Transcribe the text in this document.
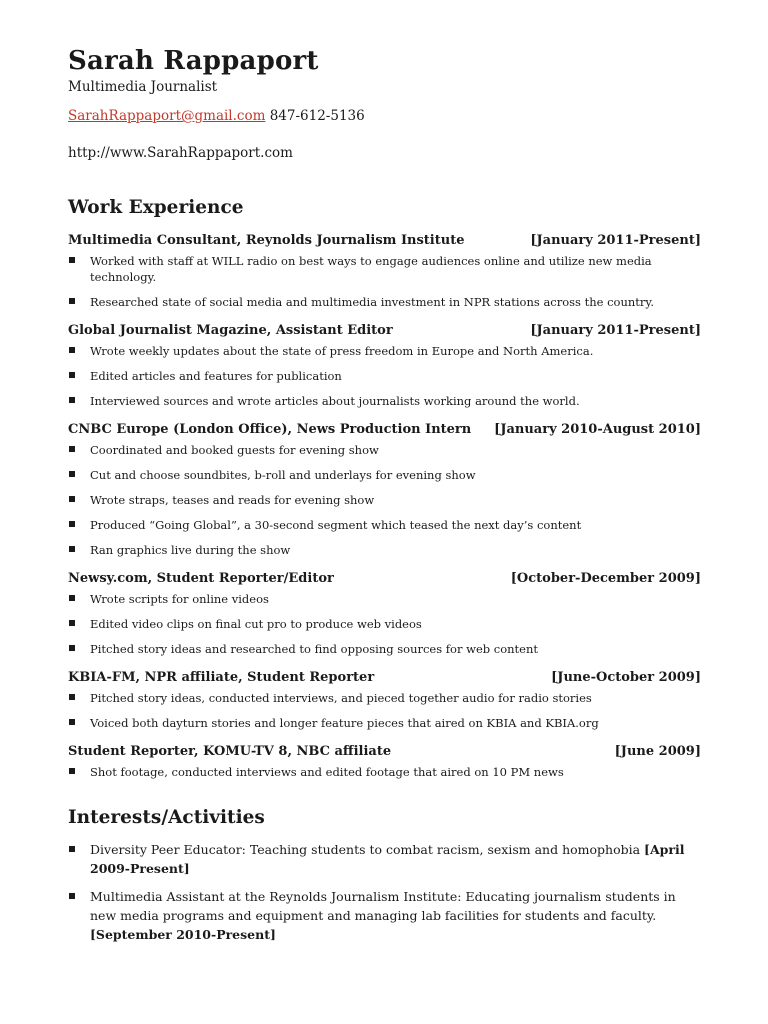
Sarah Rappaport
Multimedia Journalist
SarahRappaport@gmail.com 847-612-5136
http://www.SarahRappaport.com
Work Experience
Multimedia Consultant, Reynolds Journalism Institute	[January 2011-Present]
Worked with staff at WILL radio on best ways to engage audiences online and utilize new media technology.
Researched state of social media and multimedia investment in NPR stations across the country.
Global Journalist Magazine, Assistant Editor	[January 2011-Present]
Wrote weekly updates about the state of press freedom in Europe and North America.
Edited articles and features for publication
Interviewed sources and wrote articles about journalists working around the world.
CNBC Europe (London Office), News Production Intern [January 2010-August 2010]
Coordinated and booked guests for evening show
Cut and choose soundbites, b-roll and underlays for evening show
Wrote straps, teases and reads for evening show
Produced “Going Global”, a 30-second segment which teased the next day’s content
Ran graphics live during the show
Newsy.com, Student Reporter/Editor	[October-December 2009]
Wrote scripts for online videos
Edited video clips on final cut pro to produce web videos
Pitched story ideas and researched to find opposing sources for web content
KBIA-FM, NPR affiliate, Student Reporter	[June-October 2009]
Pitched story ideas, conducted interviews, and pieced together audio for radio stories
Voiced both dayturn stories and longer feature pieces that aired on KBIA and KBIA.org
Student Reporter, KOMU-TV 8, NBC affiliate	[June 2009]
Shot footage, conducted interviews and edited footage that aired on 10 PM news
Interests/Activities
Diversity Peer Educator: Teaching students to combat racism, sexism and homophobia [April 2009-Present]
Multimedia Assistant at the Reynolds Journalism Institute: Educating journalism students in new media programs and equipment and managing lab facilities for students and faculty. [September 2010-Present]
